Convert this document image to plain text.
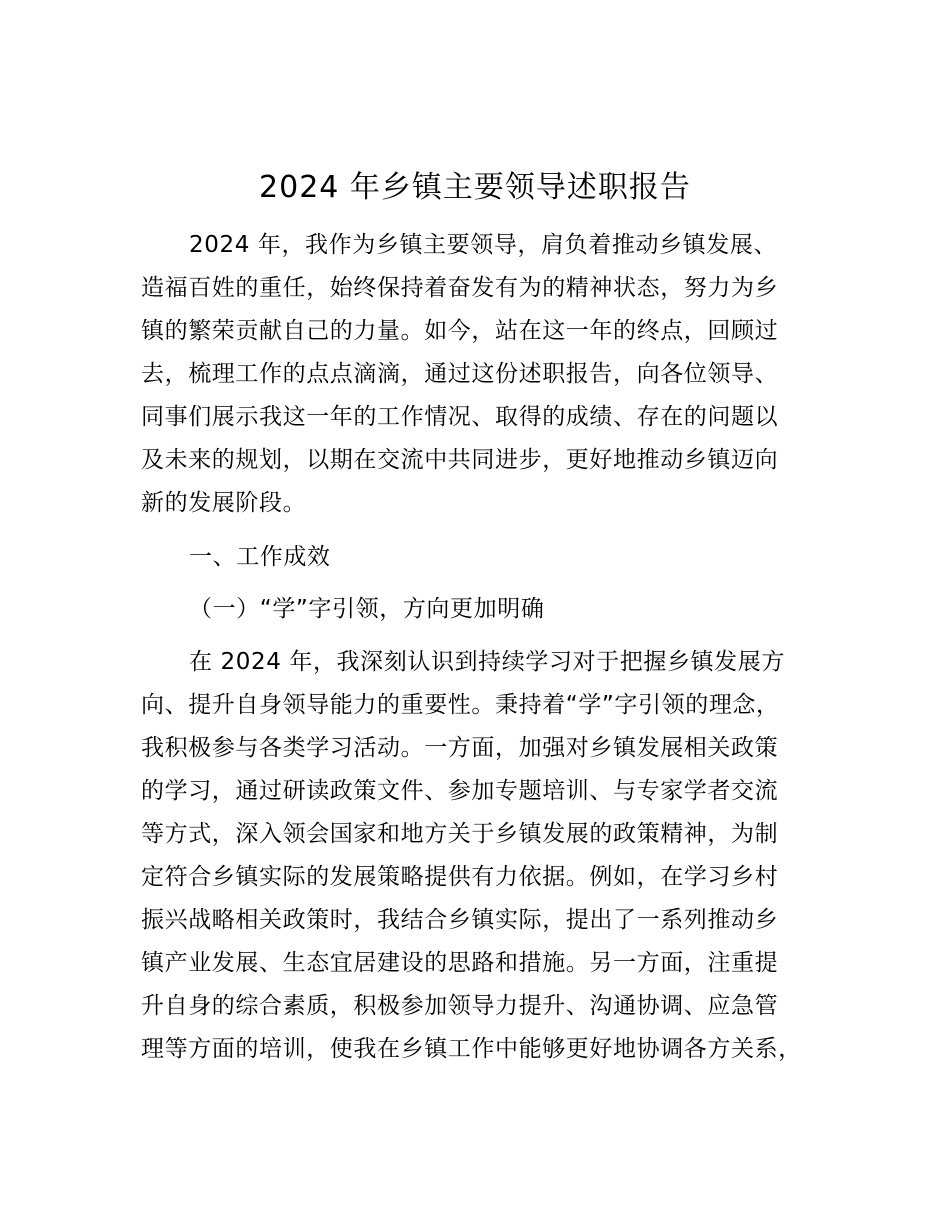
2024 年乡镇主要领导述职报告

2024 年，我作为乡镇主要领导，肩负着推动乡镇发展、

造福百姓的重任，始终保持着奋发有为的精神状态，努力为乡

镇的繁荣贡献自己的力量。如今，站在这一年的终点，回顾过

去，梳理工作的点点滴滴，通过这份述职报告，向各位领导、

同事们展示我这一年的工作情况、取得的成绩、存在的问题以

及未来的规划，以期在交流中共同进步，更好地推动乡镇迈向

新的发展阶段。

一、工作成效

（一）“学”字引领，方向更加明确

在 2024 年，我深刻认识到持续学习对于把握乡镇发展方

向、提升自身领导能力的重要性。秉持着“学”字引领的理念，

我积极参与各类学习活动。一方面，加强对乡镇发展相关政策

的学习，通过研读政策文件、参加专题培训、与专家学者交流

等方式，深入领会国家和地方关于乡镇发展的政策精神，为制

定符合乡镇实际的发展策略提供有力依据。例如，在学习乡村

振兴战略相关政策时，我结合乡镇实际，提出了一系列推动乡

镇产业发展、生态宜居建设的思路和措施。另一方面，注重提

升自身的综合素质，积极参加领导力提升、沟通协调、应急管

理等方面的培训，使我在乡镇工作中能够更好地协调各方关系，
